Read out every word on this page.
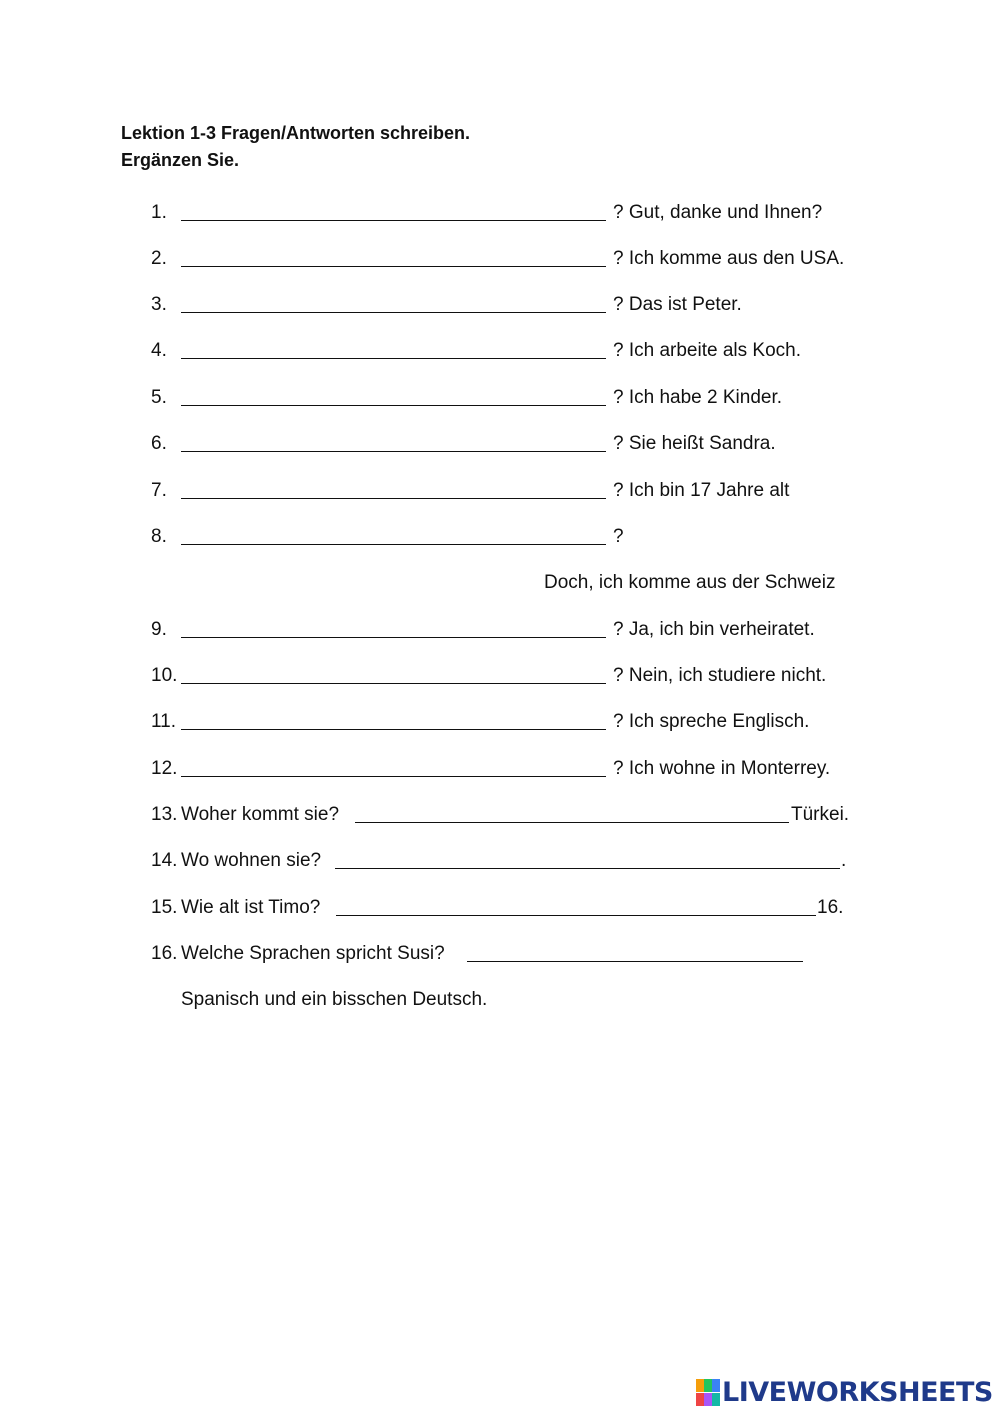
Lektion 1-3 Fragen/Antworten schreiben.
Ergänzen Sie.
1.	? Gut, danke und Ihnen?
2.	? Ich komme aus den USA.
3.	? Das ist Peter.
4.	? Ich arbeite als Koch.
5.	? Ich habe 2 Kinder.
6.	? Sie heißt Sandra.
7.	? Ich bin 17 Jahre alt
8.	?
Doch, ich komme aus der Schweiz
9.	? Ja, ich bin verheiratet.
10.	? Nein, ich studiere nicht.
11.	? Ich spreche Englisch.
12.	? Ich wohne in Monterrey.
13. Woher kommt sie?	Türkei.
14. Wo wohnen sie?	.
15. Wie alt ist Timo?	16.
16. Welche Sprachen spricht Susi?
Spanisch und ein bisschen Deutsch.
LIVEWORKSHEETS
